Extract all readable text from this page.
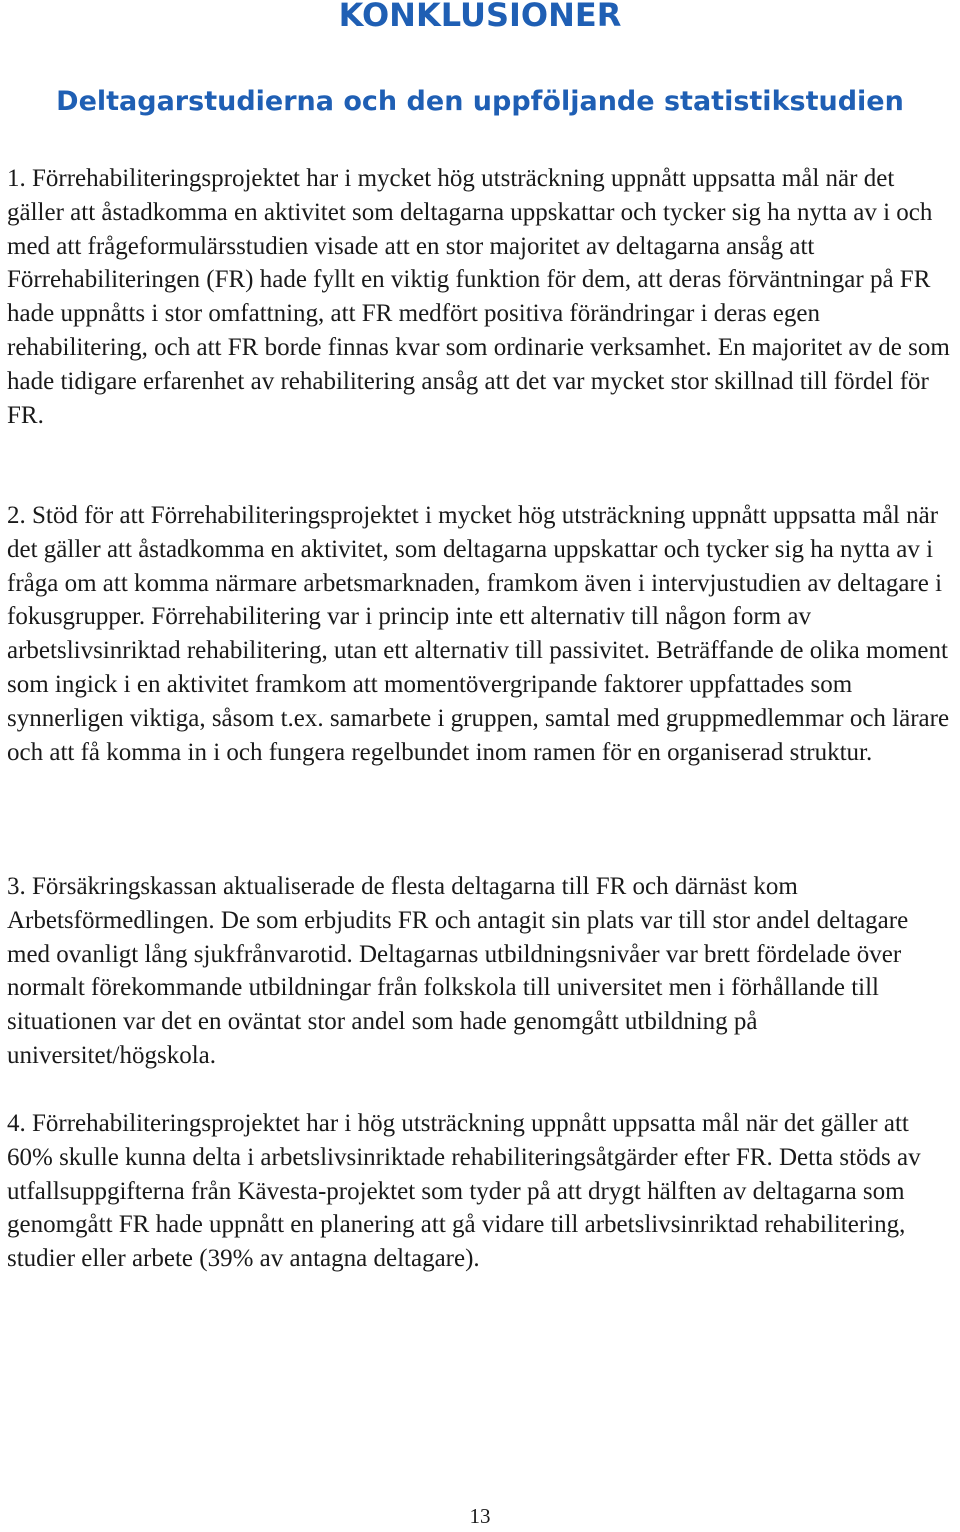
KONKLUSIONER
Deltagarstudierna och den uppföljande statistikstudien

1. Förrehabiliteringsprojektet har i mycket hög utsträckning uppnått uppsatta mål när det gäller att åstadkomma en aktivitet som deltagarna uppskattar och tycker sig ha nytta av i och med att frågeformulärsstudien visade att en stor majoritet av deltagarna ansåg att Förrehabiliteringen (FR) hade fyllt en viktig funktion för dem, att deras förväntningar på FR hade uppnåtts i stor omfattning, att FR medfört positiva förändringar i deras egen rehabilitering, och att FR borde finnas kvar som ordinarie verksamhet. En majoritet av de som hade tidigare erfarenhet av rehabilitering ansåg att det var mycket stor skillnad till fördel för FR.

2. Stöd för att Förrehabiliteringsprojektet i mycket hög utsträckning uppnått uppsatta mål när det gäller att åstadkomma en aktivitet, som deltagarna uppskattar och tycker sig ha nytta av i fråga om att komma närmare arbetsmarknaden, framkom även i intervjustudien av deltagare i fokusgrupper. Förrehabilitering var i princip inte ett alternativ till någon form av arbetslivsinriktad rehabilitering, utan ett alternativ till passivitet. Beträffande de olika moment som ingick i en aktivitet framkom att momentövergripande faktorer uppfattades som synnerligen viktiga, såsom t.ex. samarbete i gruppen, samtal med gruppmedlemmar och lärare och att få komma in i och fungera regelbundet inom ramen för en organiserad struktur.

3. Försäkringskassan aktualiserade de flesta deltagarna till FR och därnäst kom Arbetsförmedlingen. De som erbjudits FR och antagit sin plats var till stor andel deltagare med ovanligt lång sjukfrånvarotid. Deltagarnas utbildningsnivåer var brett fördelade över normalt förekommande utbildningar från folkskola till universitet men i förhållande till situationen var det en oväntat stor andel som hade genomgått utbildning på universitet/högskola.

4. Förrehabiliteringsprojektet har i hög utsträckning uppnått uppsatta mål när det gäller att 60% skulle kunna delta i arbetslivsinriktade rehabiliteringsåtgärder efter FR. Detta stöds av utfallsuppgifterna från Kävesta-projektet som tyder på att drygt hälften av deltagarna som genomgått FR hade uppnått en planering att gå vidare till arbetslivsinriktad rehabilitering, studier eller arbete (39% av antagna deltagare).

13
